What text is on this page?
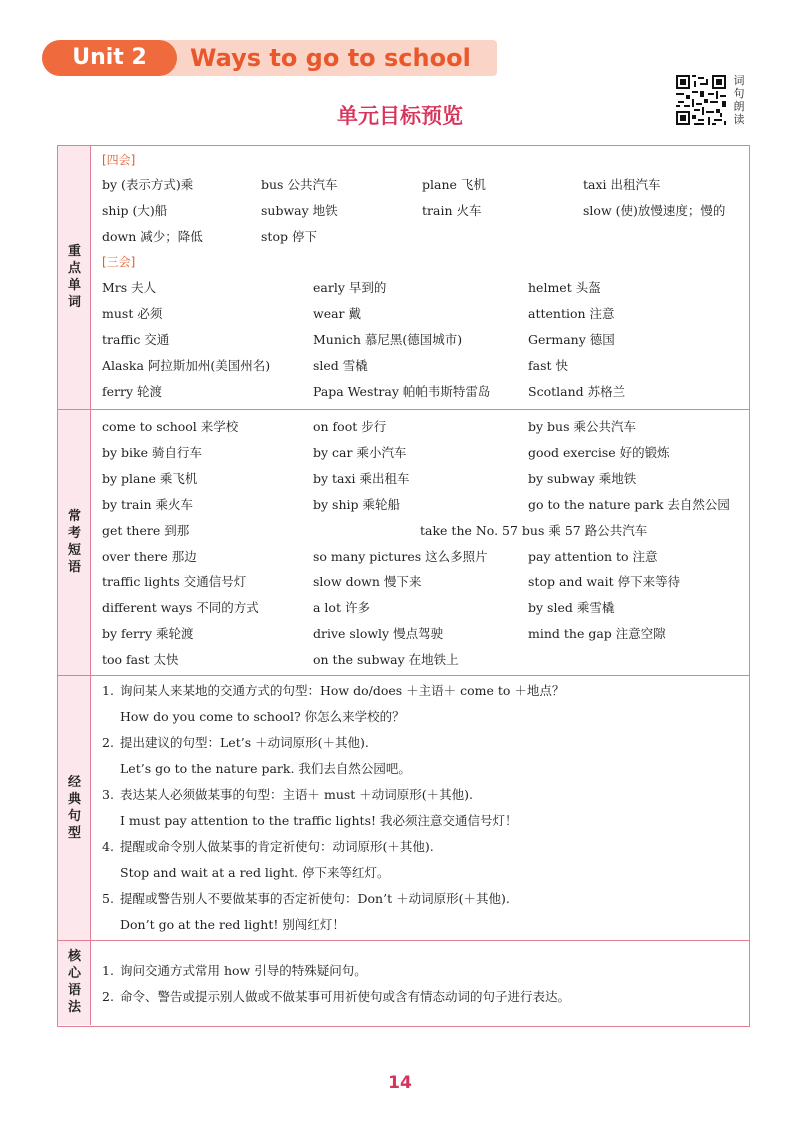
Unit 2	Ways to go to school
单元目标预览
词句朗读
重
点
单
词
[四会]
by (表示方式)乘	bus 公共汽车	plane 飞机	taxi 出租汽车
ship (大)船	subway 地铁	train 火车	slow (使)放慢速度；慢的
down 减少；降低	stop 停下
[三会]
Mrs 夫人	early 早到的	helmet 头盔
must 必须	wear 戴	attention 注意
traffic 交通	Munich 慕尼黑(德国城市)	Germany 德国
Alaska 阿拉斯加州(美国州名)	sled 雪橇	fast 快
ferry 轮渡	Papa Westray 帕帕韦斯特雷岛	Scotland 苏格兰
常
考
短
语
come to school 来学校	on foot 步行	by bus 乘公共汽车
by bike 骑自行车	by car 乘小汽车	good exercise 好的锻炼
by plane 乘飞机	by taxi 乘出租车	by subway 乘地铁
by train 乘火车	by ship 乘轮船	go to the nature park 去自然公园
get there 到那	take the No. 57 bus 乘 57 路公共汽车
over there 那边	so many pictures 这么多照片	pay attention to 注意
traffic lights 交通信号灯	slow down 慢下来	stop and wait 停下来等待
different ways 不同的方式	a lot 许多	by sled 乘雪橇
by ferry 乘轮渡	drive slowly 慢点驾驶	mind the gap 注意空隙
too fast 太快	on the subway 在地铁上
经
典
句
型
1. 询问某人来某地的交通方式的句型：How do/does ＋主语＋ come to ＋地点？
How do you come to school? 你怎么来学校的？
2. 提出建议的句型：Let’s ＋动词原形(＋其他).
Let’s go to the nature park. 我们去自然公园吧。
3. 表达某人必须做某事的句型：主语＋ must ＋动词原形(＋其他).
I must pay attention to the traffic lights! 我必须注意交通信号灯！
4. 提醒或命令别人做某事的肯定祈使句：动词原形(＋其他).
Stop and wait at a red light. 停下来等红灯。
5. 提醒或警告别人不要做某事的否定祈使句：Don’t ＋动词原形(＋其他).
Don’t go at the red light! 别闯红灯！
核
心
语
法
1. 询问交通方式常用 how 引导的特殊疑问句。
2. 命令、警告或提示别人做或不做某事可用祈使句或含有情态动词的句子进行表达。
14
